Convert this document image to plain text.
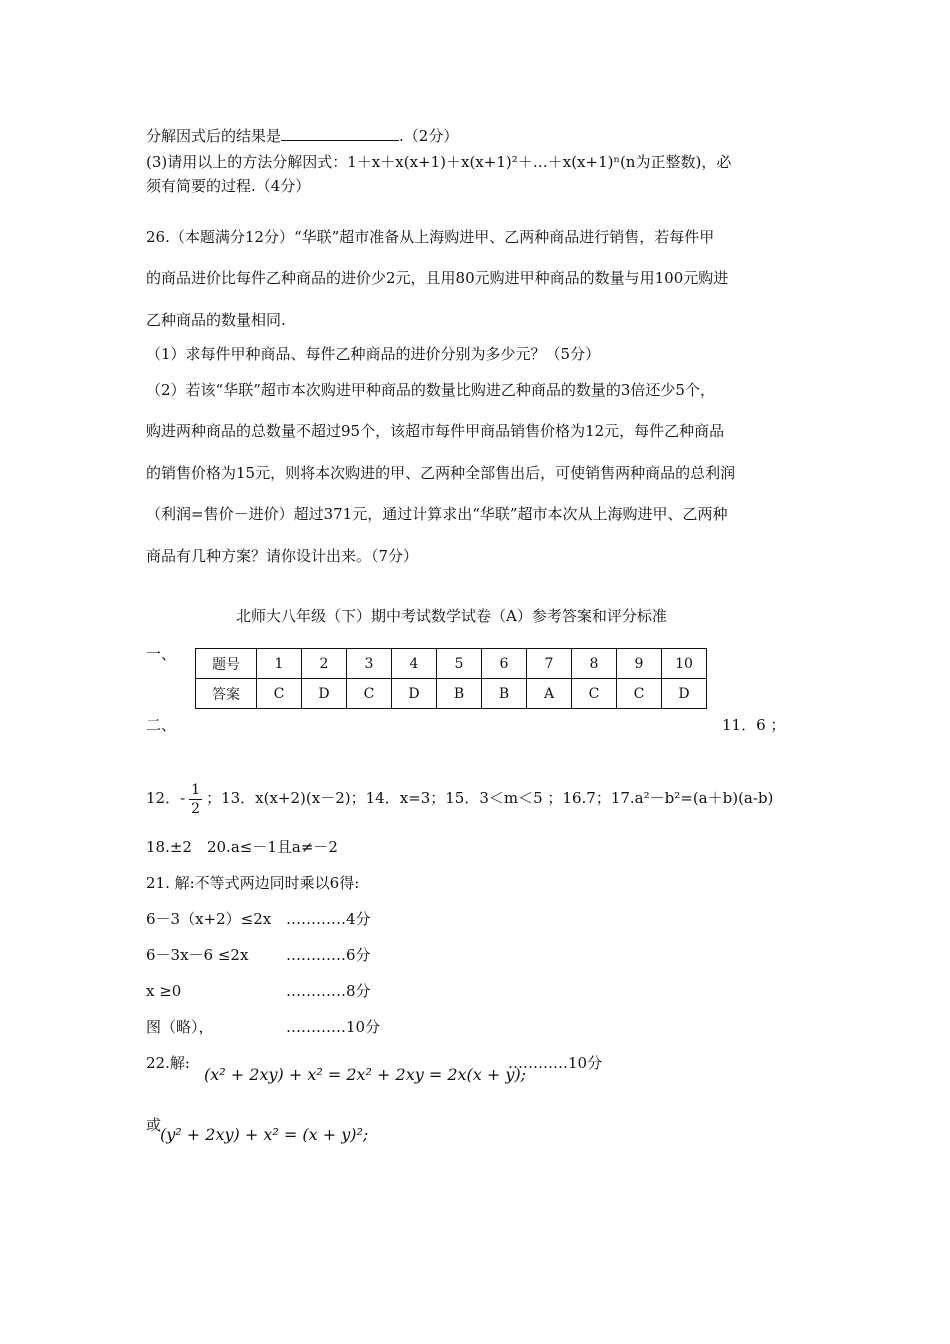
分解因式后的结果是	.（2分）
(3)请用以上的方法分解因式：1＋x＋x(x+1)＋x(x+1)²＋…＋x(x+1)ⁿ(n为正整数)，必
须有简要的过程.（4分）
26.（本题满分12分）“华联”超市准备从上海购进甲、乙两种商品进行销售，若每件甲
的商品进价比每件乙种商品的进价少2元，且用80元购进甲种商品的数量与用100元购进
乙种商品的数量相同.
（1）求每件甲种商品、每件乙种商品的进价分别为多少元？（5分）
（2）若该“华联”超市本次购进甲种商品的数量比购进乙种商品的数量的3倍还少5个，
购进两种商品的总数量不超过95个，该超市每件甲商品销售价格为12元，每件乙种商品
的销售价格为15元，则将本次购进的甲、乙两种全部售出后，可使销售两种商品的总利润
（利润=售价－进价）超过371元，通过计算求出“华联”超市本次从上海购进甲、乙两种
商品有几种方案？请你设计出来。（7分）
北师大八年级（下）期中考试数学试卷（A）参考答案和评分标准
一、
题号	1	2	3	4	5	6	7	8	9	10
答案	C	D	C	D	B	B	A	C	C	D
二、	11．6 ；
12．- $\frac{1}{2}$ ；13．x(x+2)(x－2)；14．x=3；15．3＜m＜5 ；16.7；17.a²－b²=(a＋b)(a-b)
18.±2　20.a≤－1且a≠－2
21. 解:不等式两边同时乘以6得:
6－3（x+2）≤2x …………4分
6－3x－6 ≤2x	…………6分
x ≥0	…………8分
图（略），	…………10分
22.解:
(x² + 2xy) + x² = 2x² + 2xy = 2x(x + y);
…………10分
或
(y² + 2xy) + x² = (x + y)²;
